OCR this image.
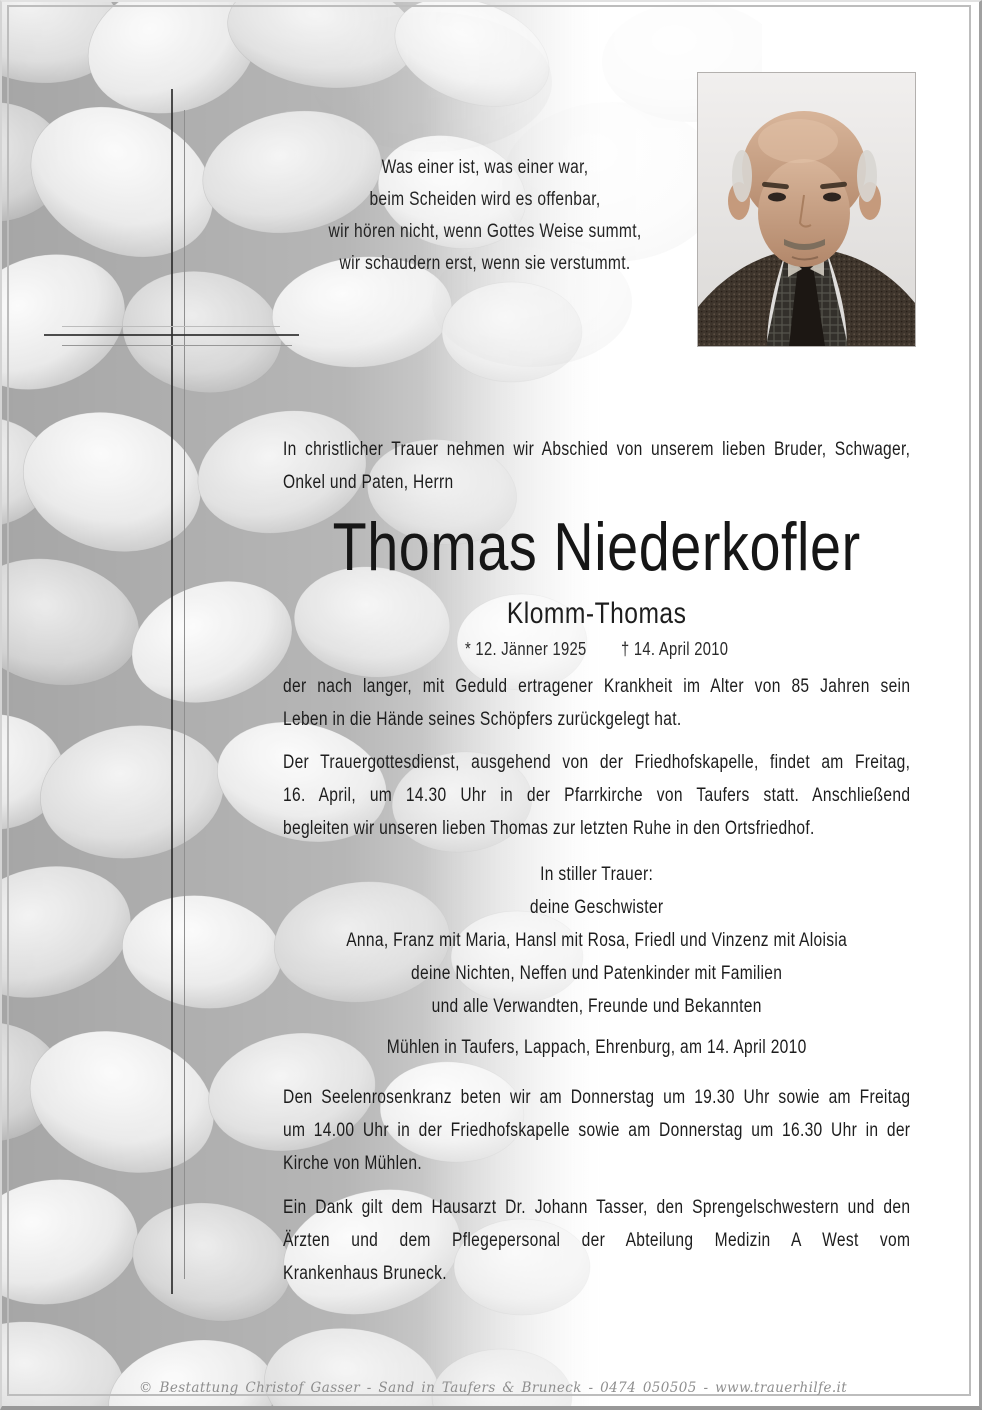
Was einer ist, was einer war,
beim Scheiden wird es offenbar,
wir hören nicht, wenn Gottes Weise summt,
wir schaudern erst, wenn sie verstummt.
In christlicher Trauer nehmen wir Abschied von unserem lieben Bruder, Schwager,
Onkel und Paten, Herrn
Thomas Niederkofler
Klomm-Thomas
* 12. Jänner 1925 † 14. April 2010
der nach langer, mit Geduld ertragener Krankheit im Alter von 85 Jahren sein
Leben in die Hände seines Schöpfers zurückgelegt hat.
Der Trauergottesdienst, ausgehend von der Friedhofskapelle, findet am Freitag,
16. April, um 14.30 Uhr in der Pfarrkirche von Taufers statt. Anschließend
begleiten wir unseren lieben Thomas zur letzten Ruhe in den Ortsfriedhof.
In stiller Trauer:
deine Geschwister
Anna, Franz mit Maria, Hansl mit Rosa, Friedl und Vinzenz mit Aloisia
deine Nichten, Neffen und Patenkinder mit Familien
und alle Verwandten, Freunde und Bekannten
Mühlen in Taufers, Lappach, Ehrenburg, am 14. April 2010
Den Seelenrosenkranz beten wir am Donnerstag um 19.30 Uhr sowie am Freitag
um 14.00 Uhr in der Friedhofskapelle sowie am Donnerstag um 16.30 Uhr in der
Kirche von Mühlen.
Ein Dank gilt dem Hausarzt Dr. Johann Tasser, den Sprengelschwestern und den
Ärzten und dem Pflegepersonal der Abteilung Medizin A West vom
Krankenhaus Bruneck.
© Bestattung Christof Gasser - Sand in Taufers & Bruneck - 0474 050505 - www.trauerhilfe.it
